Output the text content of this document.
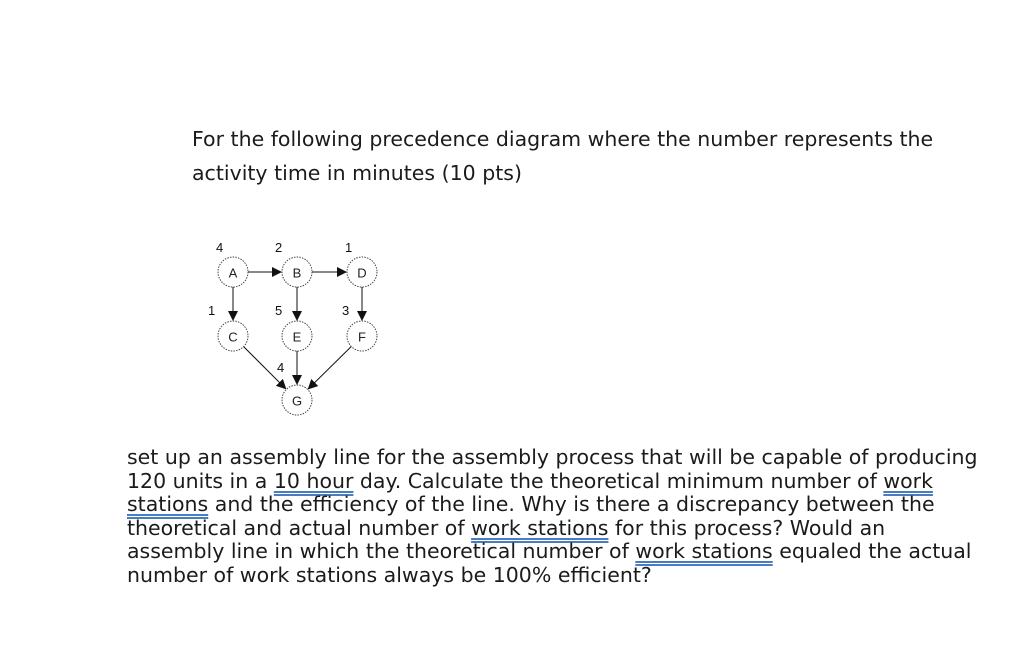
For the following precedence diagram where the number represents the
activity time in minutes (10 pts)

A
4
B
2
D
1
C
1
E
5
F
3
G
4

set up an assembly line for the assembly process that will be capable of producing
120 units in a 10 hour day. Calculate the theoretical minimum number of work
stations and the efficiency of the line. Why is there a discrepancy between the
theoretical and actual number of work stations for this process? Would an
assembly line in which the theoretical number of work stations equaled the actual
number of work stations always be 100% efficient?
